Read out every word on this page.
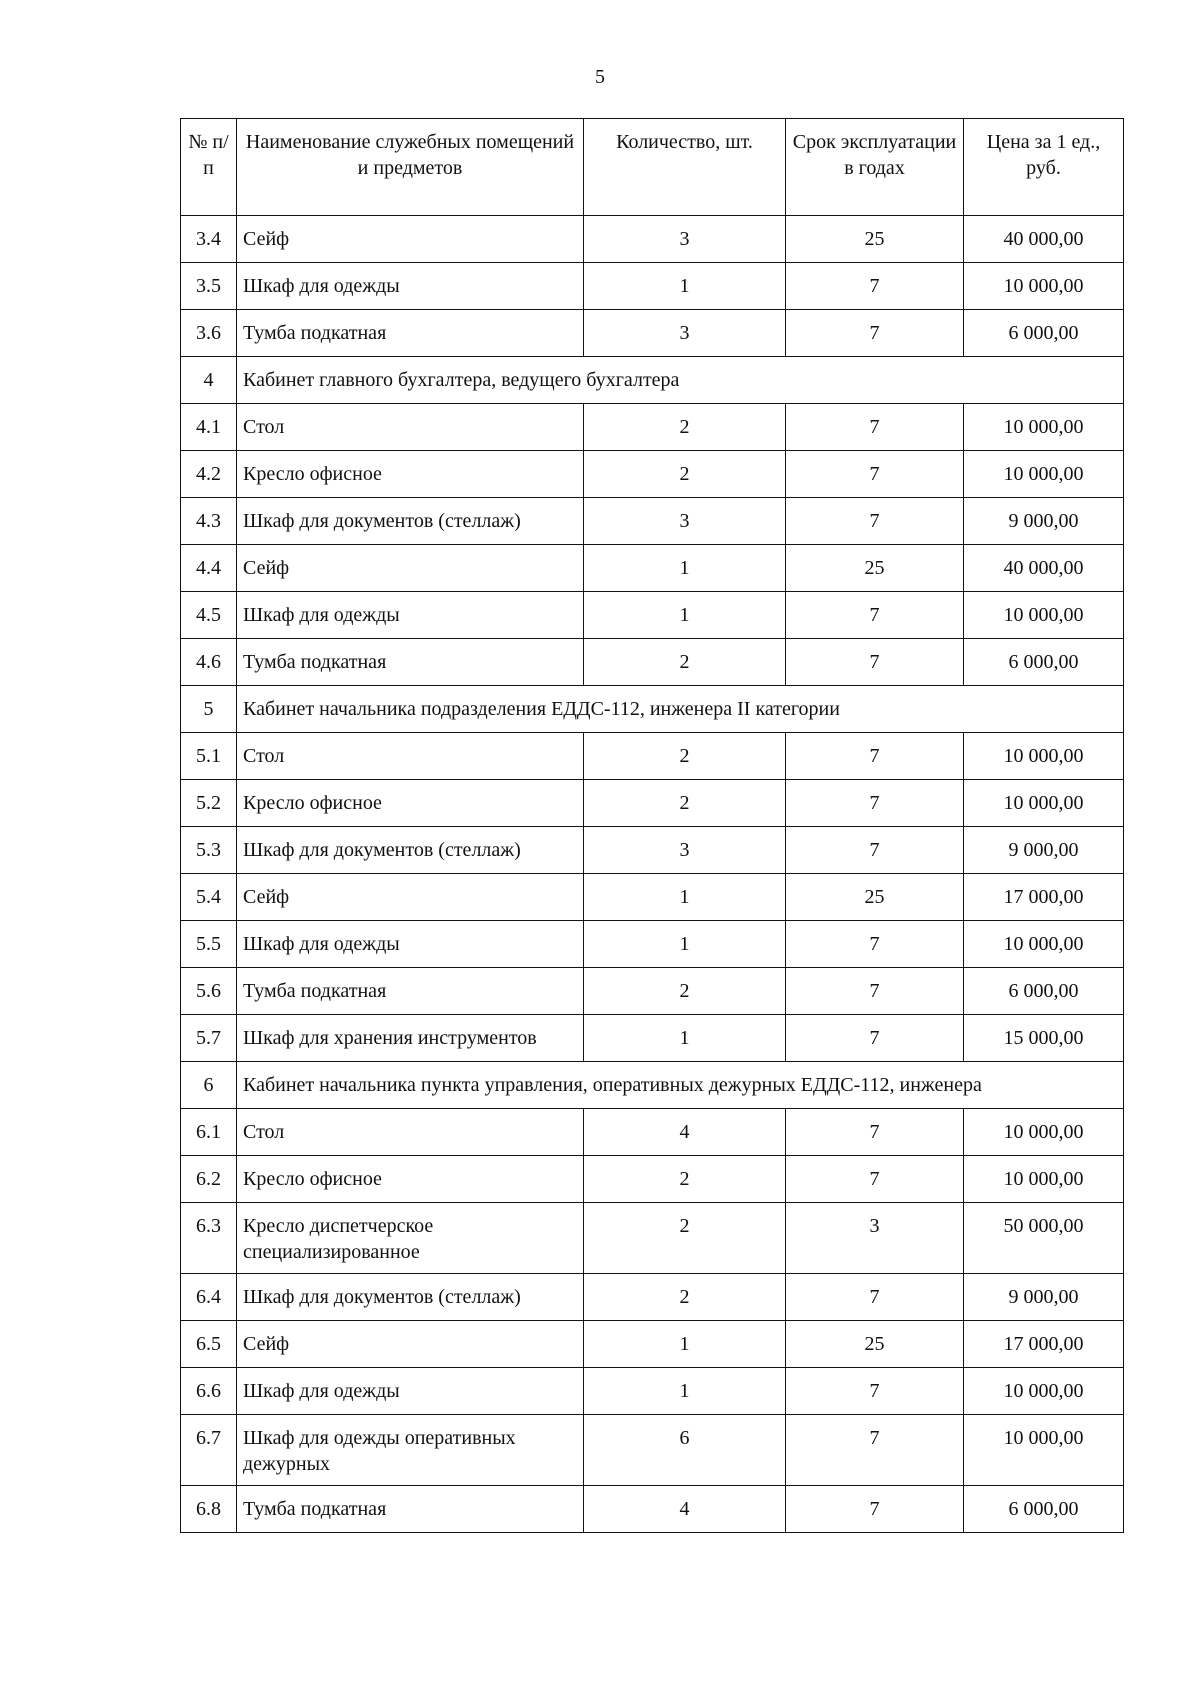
5
№ п/п	Наименование служебных помещений и предметов	Количество, шт.	Срок эксплуатации в годах	Цена за 1 ед., руб.
3.4	Сейф	3	25	40 000,00
3.5	Шкаф для одежды	1	7	10 000,00
3.6	Тумба подкатная	3	7	6 000,00
4	Кабинет главного бухгалтера, ведущего бухгалтера			
4.1	Стол	2	7	10 000,00
4.2	Кресло офисное	2	7	10 000,00
4.3	Шкаф для документов (стеллаж)	3	7	9 000,00
4.4	Сейф	1	25	40 000,00
4.5	Шкаф для одежды	1	7	10 000,00
4.6	Тумба подкатная	2	7	6 000,00
5	Кабинет начальника подразделения ЕДДС-112, инженера II категории			
5.1	Стол	2	7	10 000,00
5.2	Кресло офисное	2	7	10 000,00
5.3	Шкаф для документов (стеллаж)	3	7	9 000,00
5.4	Сейф	1	25	17 000,00
5.5	Шкаф для одежды	1	7	10 000,00
5.6	Тумба подкатная	2	7	6 000,00
5.7	Шкаф для хранения инструментов	1	7	15 000,00
6	Кабинет начальника пункта управления, оперативных дежурных ЕДДС-112, инженера			
6.1	Стол	4	7	10 000,00
6.2	Кресло офисное	2	7	10 000,00
6.3	Кресло диспетчерское специализированное	2	3	50 000,00
6.4	Шкаф для документов (стеллаж)	2	7	9 000,00
6.5	Сейф	1	25	17 000,00
6.6	Шкаф для одежды	1	7	10 000,00
6.7	Шкаф для одежды оперативных дежурных	6	7	10 000,00
6.8	Тумба подкатная	4	7	6 000,00
